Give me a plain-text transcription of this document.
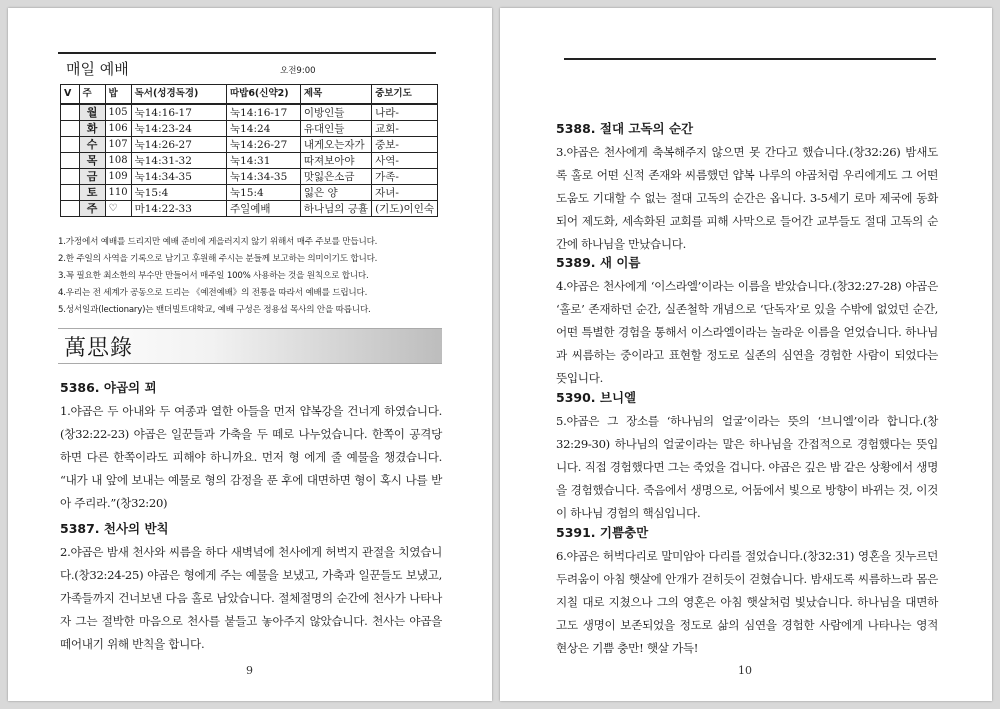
매일 예배	오전9:00
V	주	밥	독서(성경독경)	따밥6(신약2)	제목	중보기도
	월	105	눅14:16-17	눅14:16-17	이방인들	나라-
	화	106	눅14:23-24	눅14:24	유대인들	교회-
	수	107	눅14:26-27	눅14:26-27	내게오는자가	중보-
	목	108	눅14:31-32	눅14:31	따져보아야	사역-
	금	109	눅14:34-35	눅14:34-35	맛잃은소금	가족-
	토	110	눅15:4	눅15:4	잃은 양	자녀-
	주	♡	마14:22-33	주일예배	하나님의 긍휼	(기도)이인숙
1.가정에서 예배를 드리지만 예배 준비에 게을러지지 않기 위해서 매주 주보를 만듭니다.
2.한 주일의 사역을 기록으로 남기고 후원해 주시는 분들께 보고하는 의미이기도 합니다.
3.꼭 필요한 최소한의 부수만 만들어서 매주일 100% 사용하는 것을 원칙으로 합니다.
4.우리는 전 세계가 공동으로 드리는 《예전예배》의 전통을 따라서 예배를 드립니다.
5.성서일과(lectionary)는 밴더빌트대학교, 예배 구성은 정용섭 목사의 안을 따릅니다.
萬思錄
5386. 야곱의 꾀

1.야곱은 두 아내와 두 여종과 열한 아들을 먼저 얍복강을 건너게 하였습니다.(창32:22-23) 야곱은 일꾼들과 가축을 두 떼로 나누었습니다. 한쪽이 공격당하면 다른 한쪽이라도 피해야 하니까요. 먼저 형 에게 줄 예물을 챙겼습니다. “내가 내 앞에 보내는 예물로 형의 감정을 푼 후에 대면하면 형이 혹시 나를 받아 주리라.”(창32:20)

5387. 천사의 반칙

2.야곱은 밤새 천사와 씨름을 하다 새벽녘에 천사에게 허벅지 관절을 치였습니다.(창32:24-25) 야곱은 형에게 주는 예물을 보냈고, 가축과 일꾼들도 보냈고, 가족들까지 건너보낸 다음 홀로 남았습니다. 절체절명의 순간에 천사가 나타나자 그는 절박한 마음으로 천사를 붙들고 놓아주지 않았습니다. 천사는 야곱을 떼어내기 위해 반칙을 합니다.

9
5388. 절대 고독의 순간

3.야곱은 천사에게 축복해주지 않으면 못 간다고 했습니다.(창32:26) 밤새도록 홀로 어떤 신적 존재와 씨름했던 얍복 나루의 야곱처럼 우리에게도 그 어떤 도움도 기대할 수 없는 절대 고독의 순간은 옵니다. 3-5세기 로마 제국에 동화되어 제도화, 세속화된 교회를 피해 사막으로 들어간 교부들도 절대 고독의 순간에 하나님을 만났습니다.

5389. 새 이름

4.야곱은 천사에게 ‘이스라엘’이라는 이름을 받았습니다.(창32:27-28) 야곱은 ‘홀로’ 존재하던 순간, 실존철학 개념으로 ‘단독자’로 있을 수밖에 없었던 순간, 어떤 특별한 경험을 통해서 이스라엘이라는 놀라운 이름을 얻었습니다. 하나님과 씨름하는 중이라고 표현할 정도로 실존의 심연을 경험한 사람이 되었다는 뜻입니다.

5390. 브니엘

5.야곱은 그 장소를 ‘하나님의 얼굴’이라는 뜻의 ‘브니엘’이라 합니다.(창32:29-30) 하나님의 얼굴이라는 말은 하나님을 간접적으로 경험했다는 뜻입니다. 직접 경험했다면 그는 죽었을 겁니다. 야곱은 깊은 밤 같은 상황에서 생명을 경험했습니다. 죽음에서 생명으로, 어둠에서 빛으로 방향이 바뀌는 것, 이것이 하나님 경험의 핵심입니다.

5391. 기쁨충만

6.야곱은 허벅다리로 말미암아 다리를 절었습니다.(창32:31) 영혼을 짓누르던 두려움이 아침 햇살에 안개가 걷히듯이 걷혔습니다. 밤새도록 씨름하느라 몸은 지칠 대로 지쳤으나 그의 영혼은 아침 햇살처럼 빛났습니다. 하나님을 대면하고도 생명이 보존되었을 정도로 삶의 심연을 경험한 사람에게 나타나는 영적 현상은 기쁨 충만! 햇살 가득!

10
